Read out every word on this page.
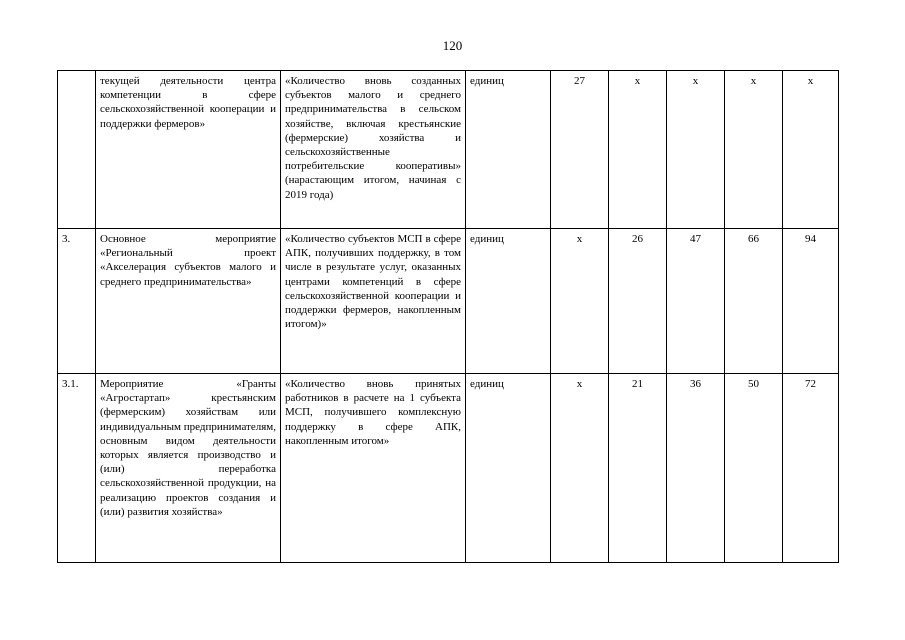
120
	текущей деятельности центра компетенции в сфере сельскохозяйственной кооперации и поддержки фермеров»	«Количество вновь созданных субъектов малого и среднего предпринимательства в сельском хозяйстве, включая крестьянские (фермерские) хозяйства и сельскохозяйственные потребительские кооперативы» (нарастающим итогом, начиная с 2019 года)	единиц	27	х	х	х	х
3.	Основное мероприятие «Региональный проект «Акселерация субъектов малого и среднего предпринимательства»	«Количество субъектов МСП в сфере АПК, получивших поддержку, в том числе в результате услуг, оказанных центрами компетенций в сфере сельскохозяйственной кооперации и поддержки фермеров, накопленным итогом)»	единиц	х	26	47	66	94
3.1.	Мероприятие «Гранты «Агростартап» крестьянским (фермерским) хозяйствам или индивидуальным предпринимателям, основным видом деятельности которых является производство и (или) переработка сельскохозяйственной продукции, на реализацию проектов создания и (или) развития хозяйства»	«Количество вновь принятых работников в расчете на 1 субъекта МСП, получившего комплексную поддержку в сфере АПК, накопленным итогом»	единиц	х	21	36	50	72
